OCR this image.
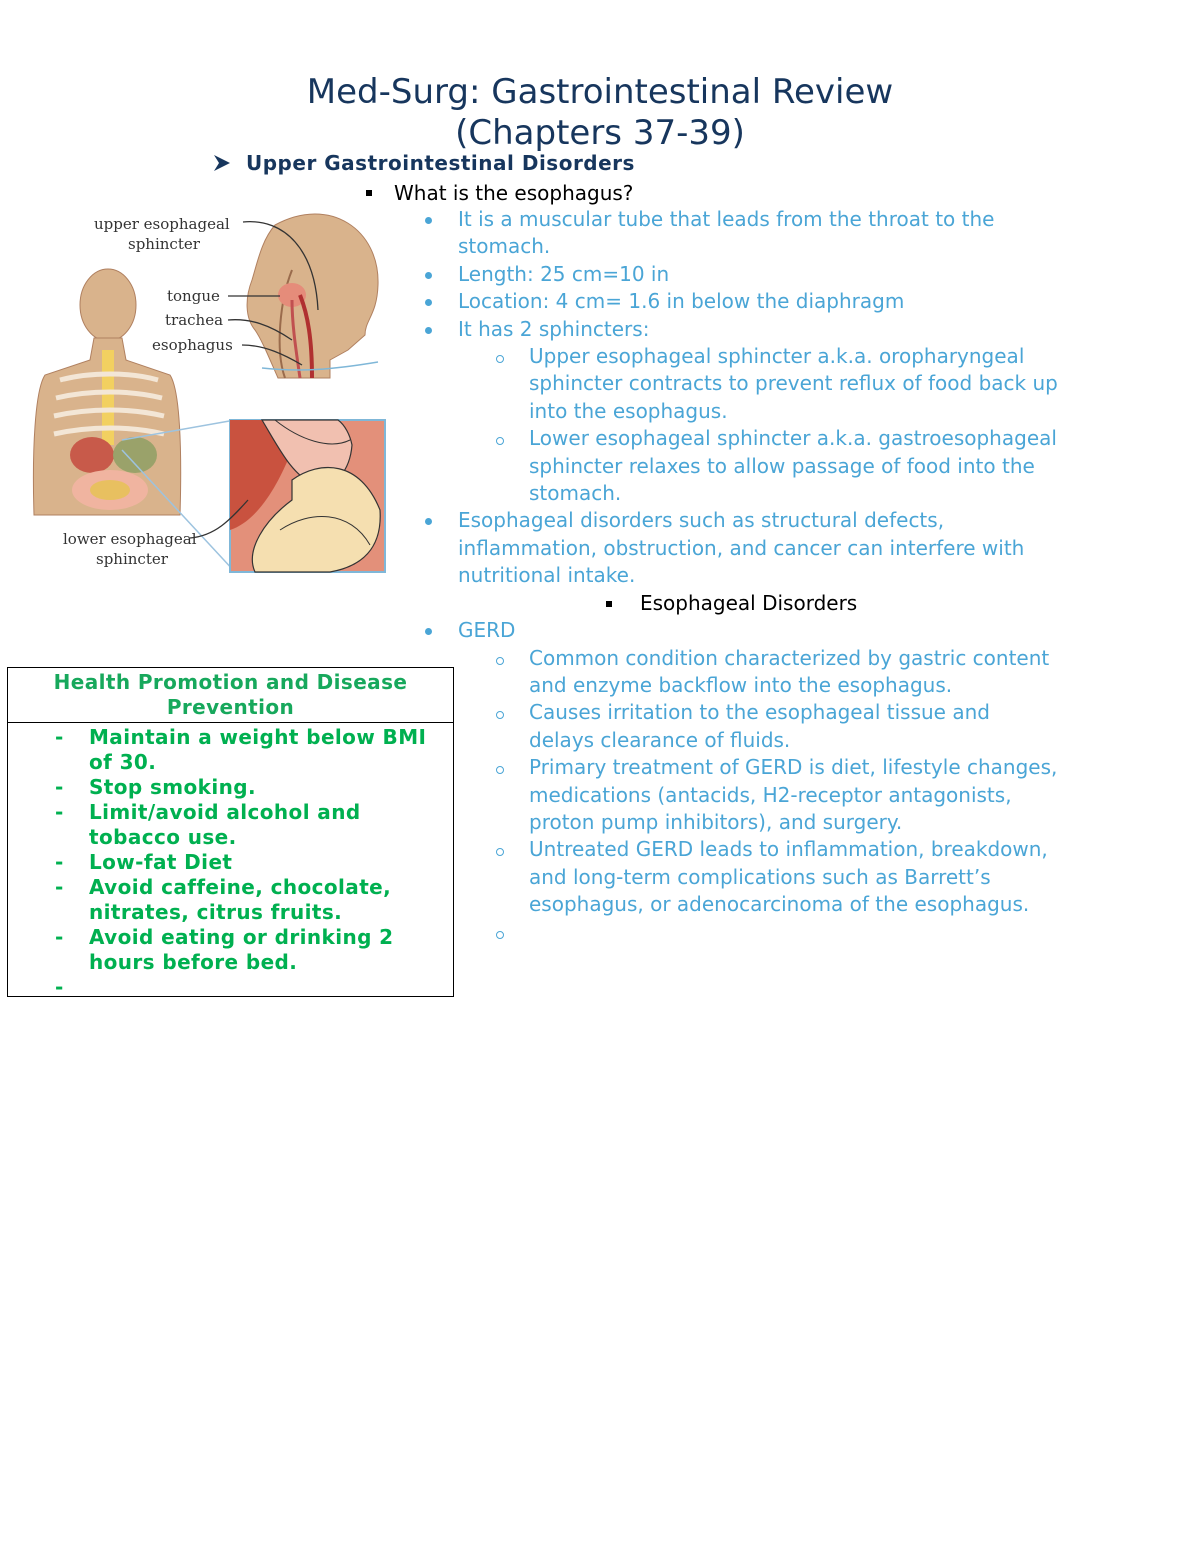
Med-Surg: Gastrointestinal Review
(Chapters 37-39)
Upper Gastrointestinal Disorders
What is the esophagus?
upper esophageal
sphincter
tongue
trachea
esophagus
lower esophageal
sphincter
It is a muscular tube that leads from the throat to the stomach.
Length: 25 cm=10 in
Location: 4 cm= 1.6 in below the diaphragm
It has 2 sphincters:
Upper esophageal sphincter a.k.a. oropharyngeal sphincter contracts to prevent reflux of food back up into the esophagus.
Lower esophageal sphincter a.k.a. gastroesophageal sphincter relaxes to allow passage of food into the stomach.
Esophageal disorders such as structural defects, inflammation, obstruction, and cancer can interfere with nutritional intake.
Esophageal Disorders
GERD
Common condition characterized by gastric content and enzyme backflow into the esophagus.
Causes irritation to the esophageal tissue and delays clearance of fluids.
Primary treatment of GERD is diet, lifestyle changes, medications (antacids, H2-receptor antagonists, proton pump inhibitors), and surgery.
Untreated GERD leads to inflammation, breakdown, and long-term complications such as Barrett’s esophagus, or adenocarcinoma of the esophagus.
Health Promotion and Disease Prevention
- Maintain a weight below BMI of 30.
- Stop smoking.
- Limit/avoid alcohol and tobacco use.
- Low-fat Diet
- Avoid caffeine, chocolate, nitrates, citrus fruits.
- Avoid eating or drinking 2 hours before bed.
-
